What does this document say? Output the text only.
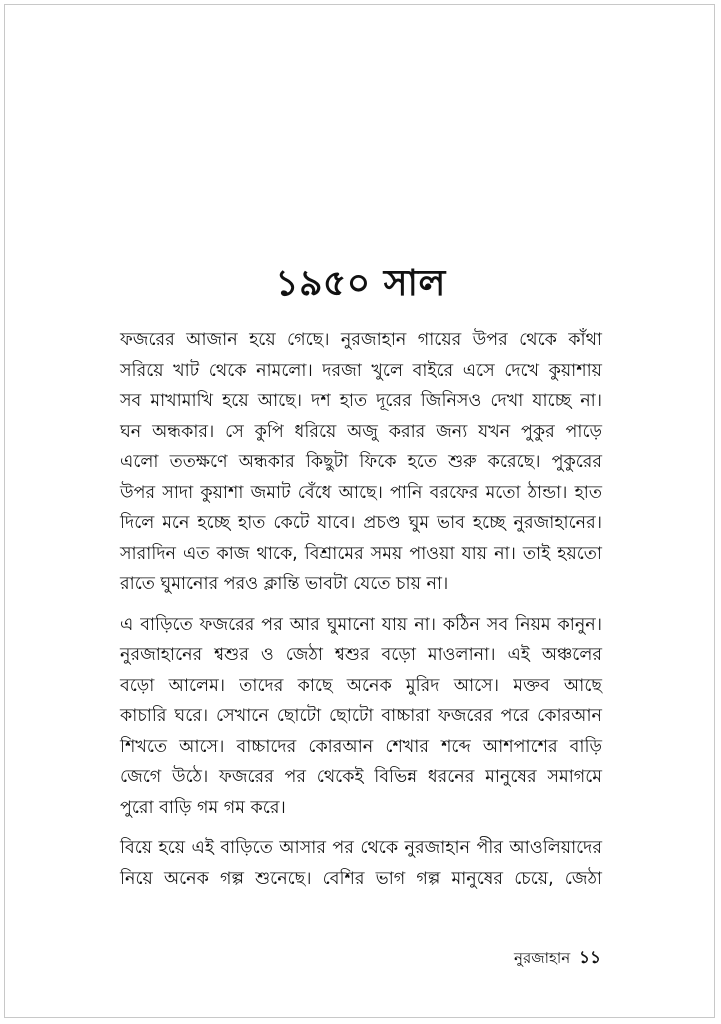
১৯৫০ সাল

ফজরের আজান হয়ে গেছে। নুরজাহান গায়ের উপর থেকে কাঁথা
সরিয়ে খাট থেকে নামলো। দরজা খুলে বাইরে এসে দেখে কুয়াশায়
সব মাখামাখি হয়ে আছে। দশ হাত দূরের জিনিসও দেখা যাচ্ছে না।
ঘন অন্ধকার। সে কুপি ধরিয়ে অজু করার জন্য যখন পুকুর পাড়ে
এলো ততক্ষণে অন্ধকার কিছুটা ফিকে হতে শুরু করেছে। পুকুরের
উপর সাদা কুয়াশা জমাট বেঁধে আছে। পানি বরফের মতো ঠান্ডা। হাত
দিলে মনে হচ্ছে হাত কেটে যাবে। প্রচণ্ড ঘুম ভাব হচ্ছে নুরজাহানের।
সারাদিন এত কাজ থাকে, বিশ্রামের সময় পাওয়া যায় না। তাই হয়তো
রাতে ঘুমানোর পরও ক্লান্তি ভাবটা যেতে চায় না।

এ বাড়িতে ফজরের পর আর ঘুমানো যায় না। কঠিন সব নিয়ম কানুন।
নুরজাহানের শ্বশুর ও জেঠা শ্বশুর বড়ো মাওলানা। এই অঞ্চলের
বড়ো আলেম। তাদের কাছে অনেক মুরিদ আসে। মক্তব আছে
কাচারি ঘরে। সেখানে ছোটো ছোটো বাচ্চারা ফজরের পরে কোরআন
শিখতে আসে। বাচ্চাদের কোরআন শেখার শব্দে আশপাশের বাড়ি
জেগে উঠে। ফজরের পর থেকেই বিভিন্ন ধরনের মানুষের সমাগমে
পুরো বাড়ি গম গম করে।

বিয়ে হয়ে এই বাড়িতে আসার পর থেকে নুরজাহান পীর আওলিয়াদের
নিয়ে অনেক গল্প শুনেছে। বেশির ভাগ গল্প মানুষের চেয়ে, জেঠা

নুরজাহান ১১
